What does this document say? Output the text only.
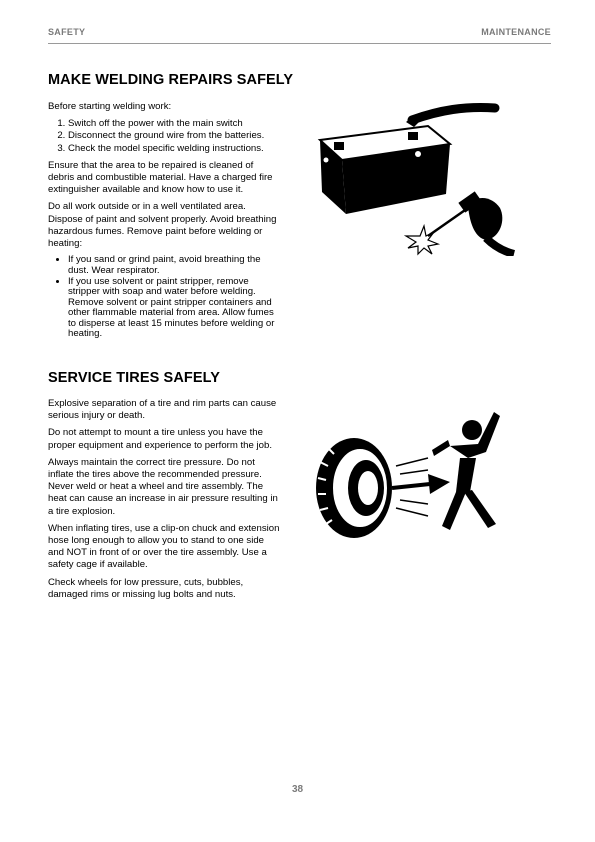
SAFETY	MAINTENANCE
MAKE WELDING REPAIRS SAFELY

Before starting welding work:

1. Switch off the power with the main switch
2. Disconnect the ground wire from the batteries.
3. Check the model specific welding instructions.

Ensure that the area to be repaired is cleaned of debris and combustible material. Have a charged fire extinguisher available and know how to use it.

Do all work outside or in a well ventilated area. Dispose of paint and solvent properly. Avoid breathing hazardous fumes. Remove paint before welding or heating:

• If you sand or grind paint, avoid breathing the dust. Wear respirator.
• If you use solvent or paint stripper, remove stripper with soap and water before welding. Remove solvent or paint stripper containers and other flammable material from area. Allow fumes to disperse at least 15 minutes before welding or heating.
SERVICE TIRES SAFELY

Explosive separation of a tire and rim parts can cause serious injury or death.

Do not attempt to mount a tire unless you have the proper equipment and experience to perform the job.

Always maintain the correct tire pressure. Do not inflate the tires above the recommended pressure. Never weld or heat a wheel and tire assembly. The heat can cause an increase in air pressure resulting in a tire explosion.

When inflating tires, use a clip-on chuck and extension hose long enough to allow you to stand to one side and NOT in front of or over the tire assembly. Use a safety cage if available.

Check wheels for low pressure, cuts, bubbles, damaged rims or missing lug bolts and nuts.

38
